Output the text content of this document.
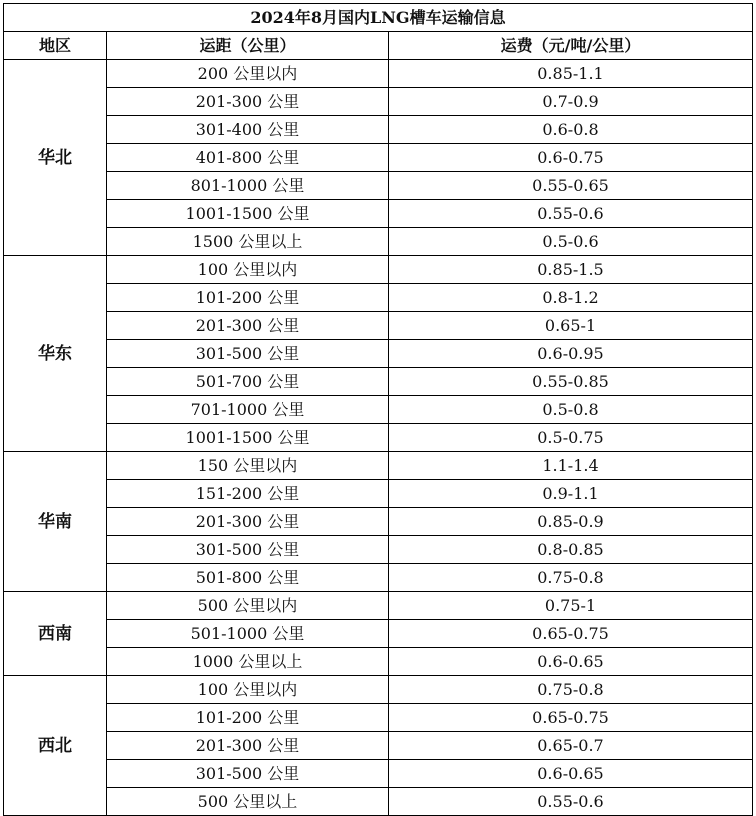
2024年8月国内LNG槽车运输信息		
地区	运距（公里）	运费（元/吨/公里）
华北	200 公里以内	0.85-1.1
	201-300 公里	0.7-0.9
	301-400 公里	0.6-0.8
	401-800 公里	0.6-0.75
	801-1000 公里	0.55-0.65
	1001-1500 公里	0.55-0.6
	1500 公里以上	0.5-0.6
华东	100 公里以内	0.85-1.5
	101-200 公里	0.8-1.2
	201-300 公里	0.65-1
	301-500 公里	0.6-0.95
	501-700 公里	0.55-0.85
	701-1000 公里	0.5-0.8
	1001-1500 公里	0.5-0.75
华南	150 公里以内	1.1-1.4
	151-200 公里	0.9-1.1
	201-300 公里	0.85-0.9
	301-500 公里	0.8-0.85
	501-800 公里	0.75-0.8
西南	500 公里以内	0.75-1
	501-1000 公里	0.65-0.75
	1000 公里以上	0.6-0.65
西北	100 公里以内	0.75-0.8
	101-200 公里	0.65-0.75
	201-300 公里	0.65-0.7
	301-500 公里	0.6-0.65
	500 公里以上	0.55-0.6
